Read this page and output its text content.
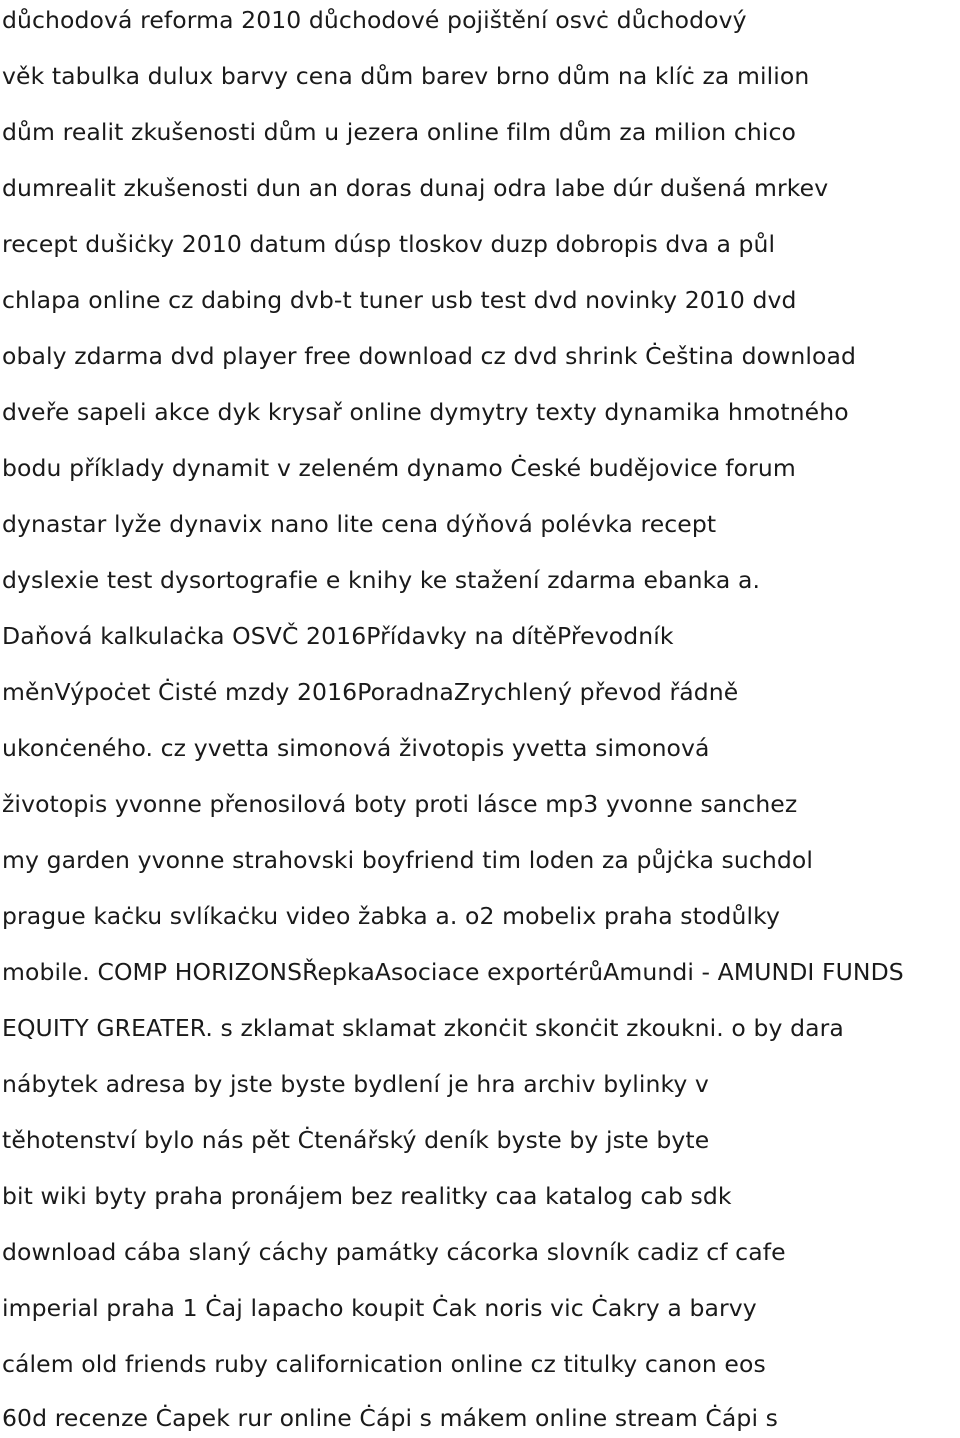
důchodová reforma 2010 důchodové pojištění osvċ důchodový
věk tabulka dulux barvy cena dům barev brno dům na klíċ za milion
dům realit zkušenosti dům u jezera online film dům za milion chico
dumrealit zkušenosti dun an doras dunaj odra labe dúr dušená mrkev
recept dušiċky 2010 datum dúsp tloskov duzp dobropis dva a půl
chlapa online cz dabing dvb-t tuner usb test dvd novinky 2010 dvd
obaly zdarma dvd player free download cz dvd shrink Ċeština download
dveře sapeli akce dyk krysař online dymytry texty dynamika hmotného
bodu příklady dynamit v zeleném dynamo Ċeské budějovice forum
dynastar lyže dynavix nano lite cena dýňová polévka recept
dyslexie test dysortografie e knihy ke stažení zdarma ebanka a.
Daňová kalkulaċka OSVČ 2016Přídavky na dítěPřevodník
měnVýpoċet Ċisté mzdy 2016PoradnaZrychlený převod řádně
ukonċeného. cz yvetta simonová životopis yvetta simonová
životopis yvonne přenosilová boty proti lásce mp3 yvonne sanchez
my garden yvonne strahovski boyfriend tim loden za půjċka suchdol
prague kaċku svlíkaċku video žabka a. o2 mobelix praha stodůlky
mobile. COMP HORIZONSŘepkaAsociace exportérůAmundi - AMUNDI FUNDS
EQUITY GREATER. s zklamat sklamat zkonċit skonċit zkoukni. o by dara
nábytek adresa by jste byste bydlení je hra archiv bylinky v
těhotenství bylo nás pět Ċtenářský deník byste by jste byte
bit wiki byty praha pronájem bez realitky caa katalog cab sdk
download cába slaný cáchy památky cácorka slovník cadiz cf cafe
imperial praha 1 Ċaj lapacho koupit Ċak noris vic Ċakry a barvy
cálem old friends ruby californication online cz titulky canon eos
60d recenze Ċapek rur online Ċápi s mákem online stream Ċápi s
